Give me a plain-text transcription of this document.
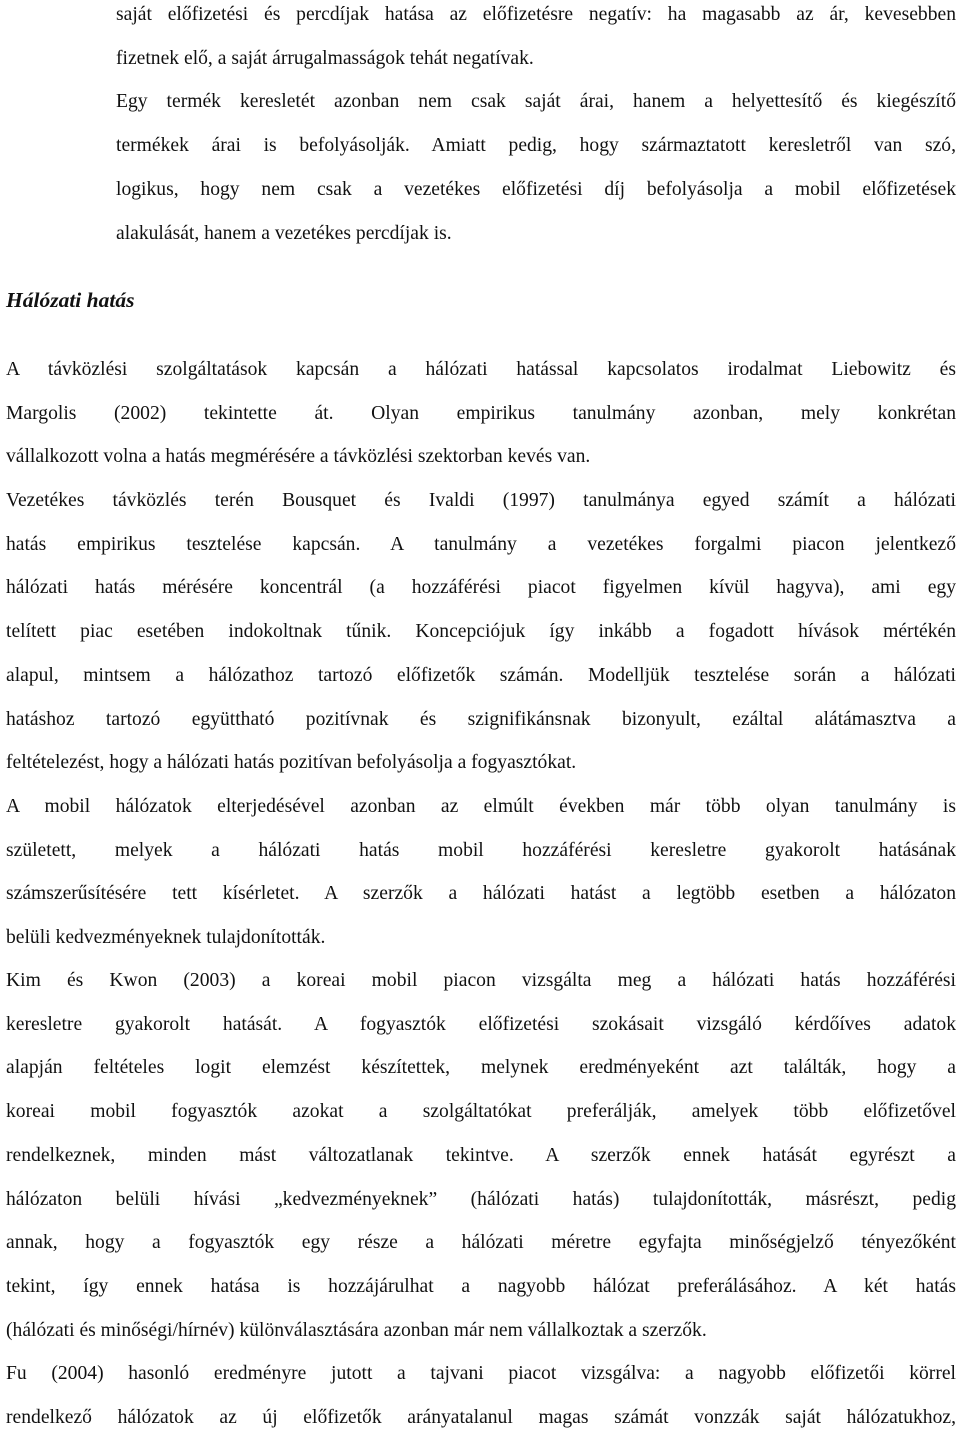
saját előfizetési és percdíjak hatása az előfizetésre negatív: ha magasabb az ár, kevesebben
fizetnek elő, a saját árrugalmasságok tehát negatívak.
Egy termék keresletét azonban nem csak saját árai, hanem a helyettesítő és kiegészítő
termékek árai is befolyásolják. Amiatt pedig, hogy származtatott keresletről van szó,
logikus, hogy nem csak a vezetékes előfizetési díj befolyásolja a mobil előfizetések
alakulását, hanem a vezetékes percdíjak is.
Hálózati hatás
A távközlési szolgáltatások kapcsán a hálózati hatással kapcsolatos irodalmat Liebowitz és
Margolis (2002) tekintette át. Olyan empirikus tanulmány azonban, mely konkrétan
vállalkozott volna a hatás megmérésére a távközlési szektorban kevés van.
Vezetékes távközlés terén Bousquet és Ivaldi (1997) tanulmánya egyed számít a hálózati
hatás empirikus tesztelése kapcsán. A tanulmány a vezetékes forgalmi piacon jelentkező
hálózati hatás mérésére koncentrál (a hozzáférési piacot figyelmen kívül hagyva), ami egy
telített piac esetében indokoltnak tűnik. Koncepciójuk így inkább a fogadott hívások mértékén
alapul, mintsem a hálózathoz tartozó előfizetők számán. Modelljük tesztelése során a hálózati
hatáshoz tartozó együttható pozitívnak és szignifikánsnak bizonyult, ezáltal alátámasztva a
feltételezést, hogy a hálózati hatás pozitívan befolyásolja a fogyasztókat.
A mobil hálózatok elterjedésével azonban az elmúlt években már több olyan tanulmány is
született, melyek a hálózati hatás mobil hozzáférési keresletre gyakorolt hatásának
számszerűsítésére tett kísérletet. A szerzők a hálózati hatást a legtöbb esetben a hálózaton
belüli kedvezményeknek tulajdonították.
Kim és Kwon (2003) a koreai mobil piacon vizsgálta meg a hálózati hatás hozzáférési
keresletre gyakorolt hatását. A fogyasztók előfizetési szokásait vizsgáló kérdőíves adatok
alapján feltételes logit elemzést készítettek, melynek eredményeként azt találták, hogy a
koreai mobil fogyasztók azokat a szolgáltatókat preferálják, amelyek több előfizetővel
rendelkeznek, minden mást változatlanak tekintve. A szerzők ennek hatását egyrészt a
hálózaton belüli hívási „kedvezményeknek” (hálózati hatás) tulajdonították, másrészt, pedig
annak, hogy a fogyasztók egy része a hálózati méretre egyfajta minőségjelző tényezőként
tekint, így ennek hatása is hozzájárulhat a nagyobb hálózat preferálásához. A két hatás
(hálózati és minőségi/hírnév) különválasztására azonban már nem vállalkoztak a szerzők.
Fu (2004) hasonló eredményre jutott a tajvani piacot vizsgálva: a nagyobb előfizetői körrel
rendelkező hálózatok az új előfizetők arányatalanul magas számát vonzzák saját hálózatukhoz,
